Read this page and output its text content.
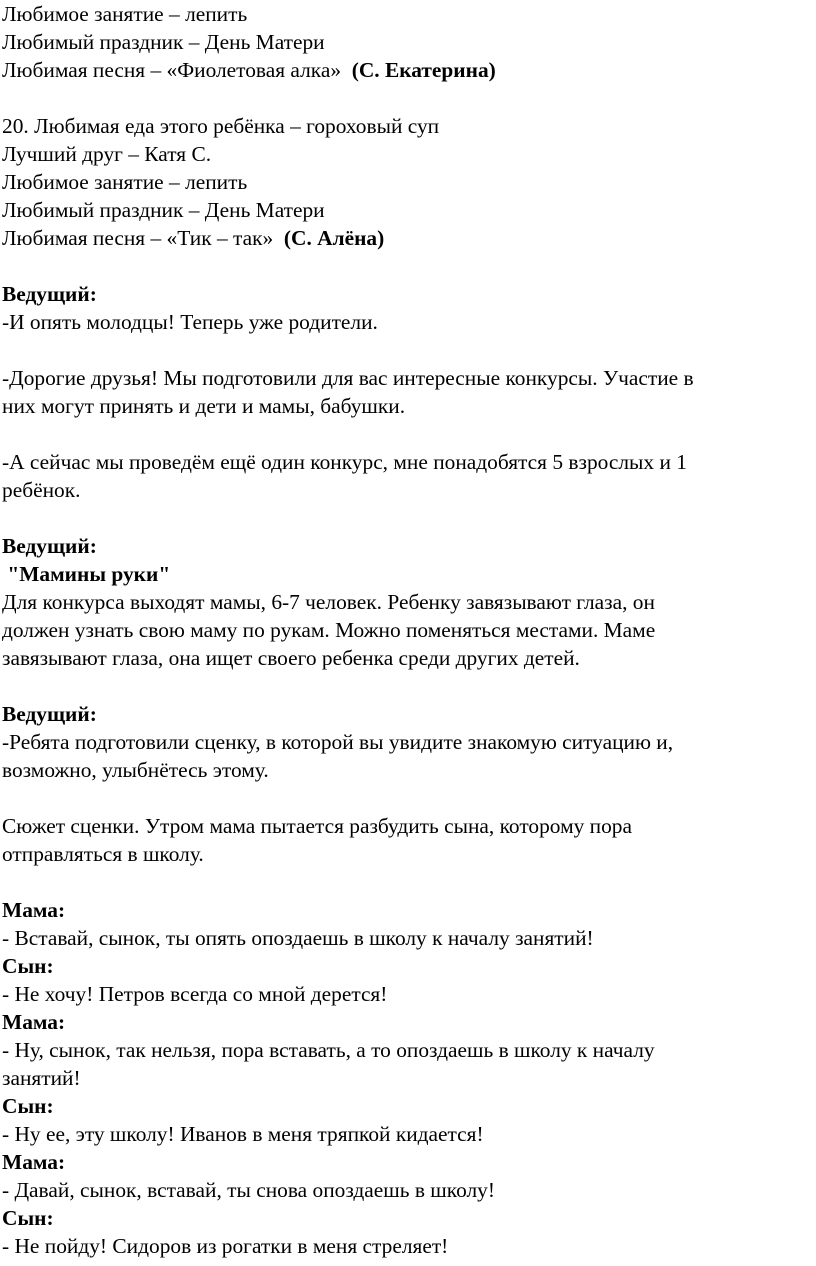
Любимое занятие – лепить
Любимый праздник – День Матери
Любимая песня – «Фиолетовая алка»  (С. Екатерина)
20. Любимая еда этого ребёнка – гороховый суп
Лучший друг – Катя С.
Любимое занятие – лепить
Любимый праздник – День Матери
Любимая песня – «Тик – так»  (С. Алёна)
Ведущий:
-И опять молодцы! Теперь уже родители.
-Дорогие друзья! Мы подготовили для вас интересные конкурсы. Участие в
них могут принять и дети и мамы, бабушки.
-А сейчас мы проведём ещё один конкурс, мне понадобятся 5 взрослых и 1
ребёнок.
Ведущий:
"Мамины руки"
Для конкурса выходят мамы, 6-7 человек. Ребенку завязывают глаза, он
должен узнать свою маму по рукам. Можно поменяться местами. Маме
завязывают глаза, она ищет своего ребенка среди других детей.
Ведущий:
-Ребята подготовили сценку, в которой вы увидите знакомую ситуацию и,
возможно, улыбнётесь этому.
Сюжет сценки. Утром мама пытается разбудить сына, которому пора
отправляться в школу.
Мама:
- Вставай, сынок, ты опять опоздаешь в школу к началу занятий!
Сын:
- Не хочу! Петров всегда со мной дерется!
Мама:
- Ну, сынок, так нельзя, пора вставать, а то опоздаешь в школу к началу
занятий!
Сын:
- Ну ее, эту школу! Иванов в меня тряпкой кидается!
Мама:
- Давай, сынок, вставай, ты снова опоздаешь в школу!
Сын:
- Не пойду! Сидоров из рогатки в меня стреляет!
